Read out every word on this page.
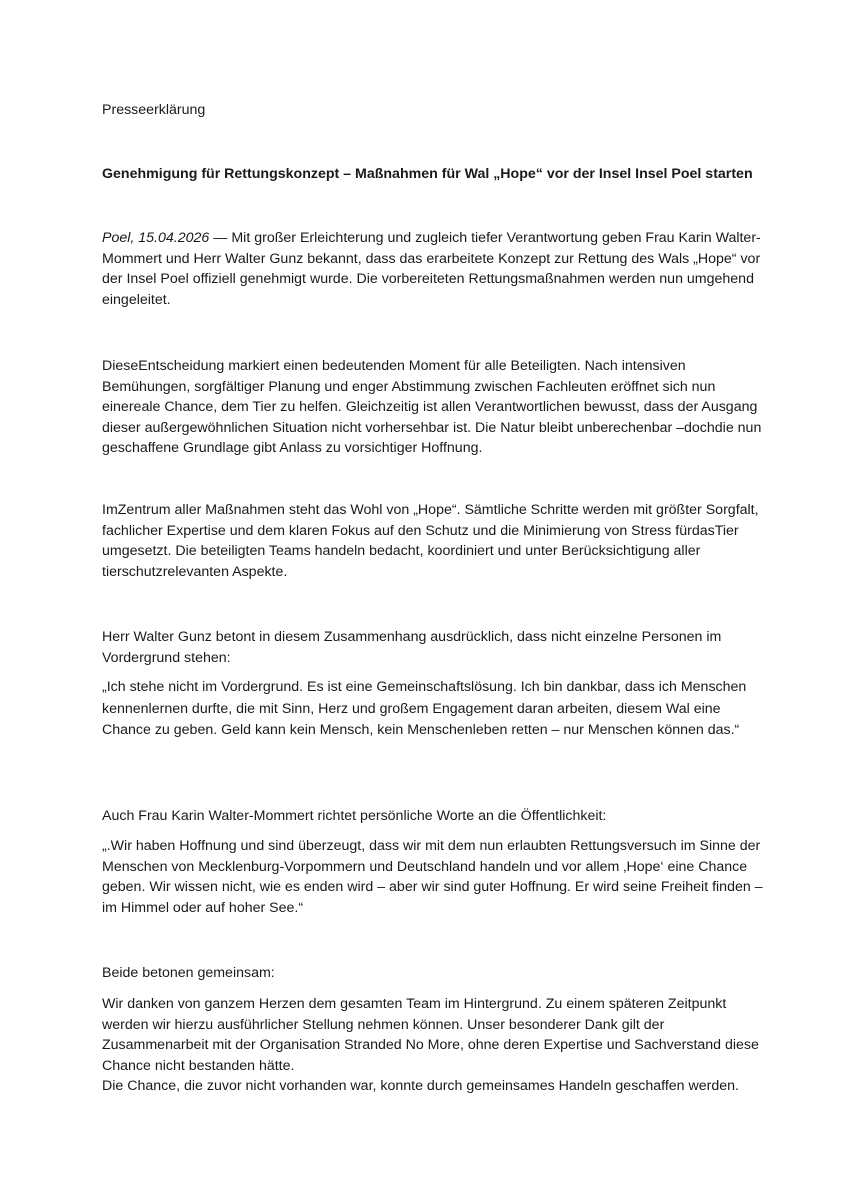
Presseerklärung

Genehmigung für Rettungskonzept – Maßnahmen für Wal „Hope“ vor der Insel Insel Poel starten

Poel, 15.04.2026 — Mit großer Erleichterung und zugleich tiefer Verantwortung geben Frau Karin Walter-Mommert und Herr Walter Gunz bekannt, dass das erarbeitete Konzept zur Rettung des Wals „Hope“ vor der Insel Poel offiziell genehmigt wurde. Die vorbereiteten Rettungsmaßnahmen werden nun umgehend eingeleitet.

DieseEntscheidung markiert einen bedeutenden Moment für alle Beteiligten. Nach intensiven Bemühungen, sorgfältiger Planung und enger Abstimmung zwischen Fachleuten eröffnet sich nun einereale Chance, dem Tier zu helfen. Gleichzeitig ist allen Verantwortlichen bewusst, dass der Ausgang dieser außergewöhnlichen Situation nicht vorhersehbar ist. Die Natur bleibt unberechenbar –dochdie nun geschaffene Grundlage gibt Anlass zu vorsichtiger Hoffnung.

ImZentrum aller Maßnahmen steht das Wohl von „Hope“. Sämtliche Schritte werden mit größter Sorgfalt, fachlicher Expertise und dem klaren Fokus auf den Schutz und die Minimierung von Stress fürdasTier umgesetzt. Die beteiligten Teams handeln bedacht, koordiniert und unter Berücksichtigung aller tierschutzrelevanten Aspekte.

Herr Walter Gunz betont in diesem Zusammenhang ausdrücklich, dass nicht einzelne Personen im Vordergrund stehen:

„Ich stehe nicht im Vordergrund. Es ist eine Gemeinschaftslösung. Ich bin dankbar, dass ich Menschen kennenlernen durfte, die mit Sinn, Herz und großem Engagement daran arbeiten, diesem Wal eine Chance zu geben. Geld kann kein Mensch, kein Menschenleben retten – nur Menschen können das.“

Auch Frau Karin Walter-Mommert richtet persönliche Worte an die Öffentlichkeit:

„.Wir haben Hoffnung und sind überzeugt, dass wir mit dem nun erlaubten Rettungsversuch im Sinne der Menschen von Mecklenburg-Vorpommern und Deutschland handeln und vor allem ‚Hope‘ eine Chance geben. Wir wissen nicht, wie es enden wird – aber wir sind guter Hoffnung. Er wird seine Freiheit finden – im Himmel oder auf hoher See.“

Beide betonen gemeinsam:

Wir danken von ganzem Herzen dem gesamten Team im Hintergrund. Zu einem späteren Zeitpunkt werden wir hierzu ausführlicher Stellung nehmen können. Unser besonderer Dank gilt der Zusammenarbeit mit der Organisation Stranded No More, ohne deren Expertise und Sachverstand diese Chance nicht bestanden hätte.

Die Chance, die zuvor nicht vorhanden war, konnte durch gemeinsames Handeln geschaffen werden.
